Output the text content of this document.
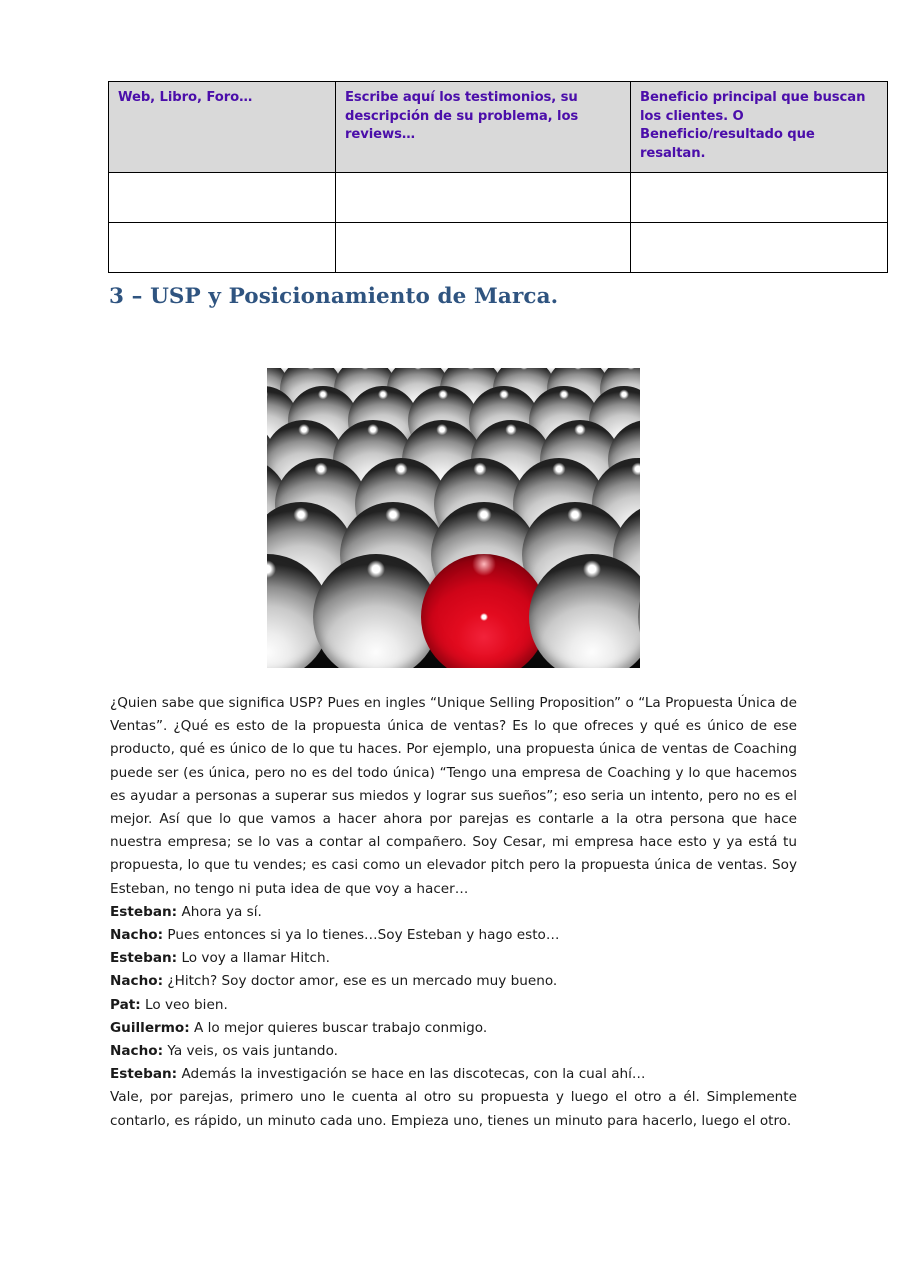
Web, Libro, Foro…	Escribe aquí los testimonios, su descripción de su problema, los reviews…	Beneficio principal que buscan los clientes. O Beneficio/resultado que resaltan.

3 – USP y Posicionamiento de Marca.

¿Quien sabe que significa USP? Pues en ingles “Unique Selling Proposition” o “La Propuesta Única de Ventas”. ¿Qué es esto de la propuesta única de ventas? Es lo que ofreces y qué es único de ese producto, qué es único de lo que tu haces. Por ejemplo, una propuesta única de ventas de Coaching puede ser (es única, pero no es del todo única) “Tengo una empresa de Coaching y lo que hacemos es ayudar a personas a superar sus miedos y lograr sus sueños”; eso seria un intento, pero no es el mejor. Así que lo que vamos a hacer ahora por parejas es contarle a la otra persona que hace nuestra empresa; se lo vas a contar al compañero. Soy Cesar, mi empresa hace esto y ya está tu propuesta, lo que tu vendes; es casi como un elevador pitch pero la propuesta única de ventas. Soy Esteban, no tengo ni puta idea de que voy a hacer…

Esteban: Ahora ya sí.

Nacho: Pues entonces si ya lo tienes…Soy Esteban y hago esto…

Esteban: Lo voy a llamar Hitch.

Nacho: ¿Hitch? Soy doctor amor, ese es un mercado muy bueno.

Pat: Lo veo bien.

Guillermo: A lo mejor quieres buscar trabajo conmigo.

Nacho: Ya veis, os vais juntando.

Esteban: Además la investigación se hace en las discotecas, con la cual ahí…

Vale, por parejas, primero uno le cuenta al otro su propuesta y luego el otro a él. Simplemente contarlo, es rápido, un minuto cada uno. Empieza uno, tienes un minuto para hacerlo, luego el otro.
